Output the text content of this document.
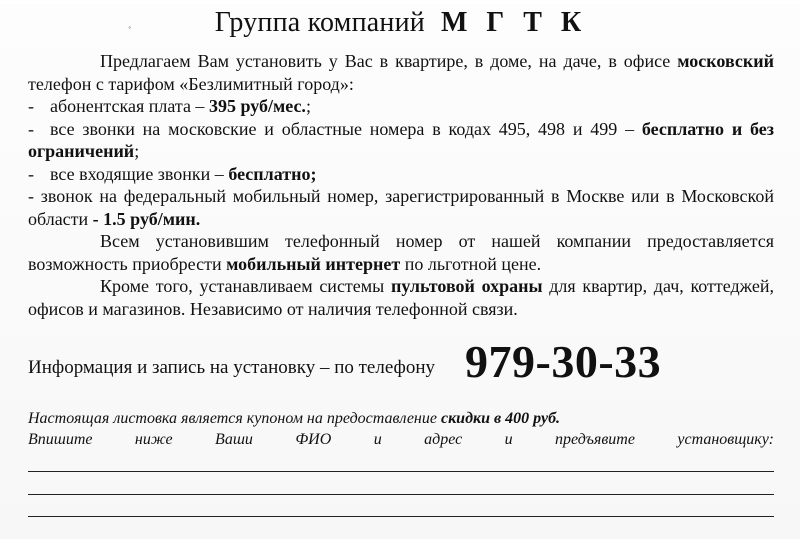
˚	Группа компаний М Г Т К

Предлагаем Вам установить у Вас в квартире, в доме, на даче, в офисе московский телефон с тарифом «Безлимитный город»:

- абонентская плата – 395 руб/мес.;

- все звонки на московские и областные номера в кодах 495, 498 и 499 – бесплатно и без ограничений;

- все входящие звонки – бесплатно;

- звонок на федеральный мобильный номер, зарегистрированный в Москве или в Московской области - 1.5 руб/мин.

Всем установившим телефонный номер от нашей компании предоставляется возможность приобрести мобильный интернет по льготной цене.

Кроме того, устанавливаем системы пультовой охраны для квартир, дач, коттеджей, офисов и магазинов. Независимо от наличия телефонной связи.

Информация и запись на установку – по телефону 979-30-33
Настоящая листовка является купоном на предоставление скидки в 400 руб.
Впишите	ниже	Ваши	ФИО	и	адрес	и	предъявите	установщику:
